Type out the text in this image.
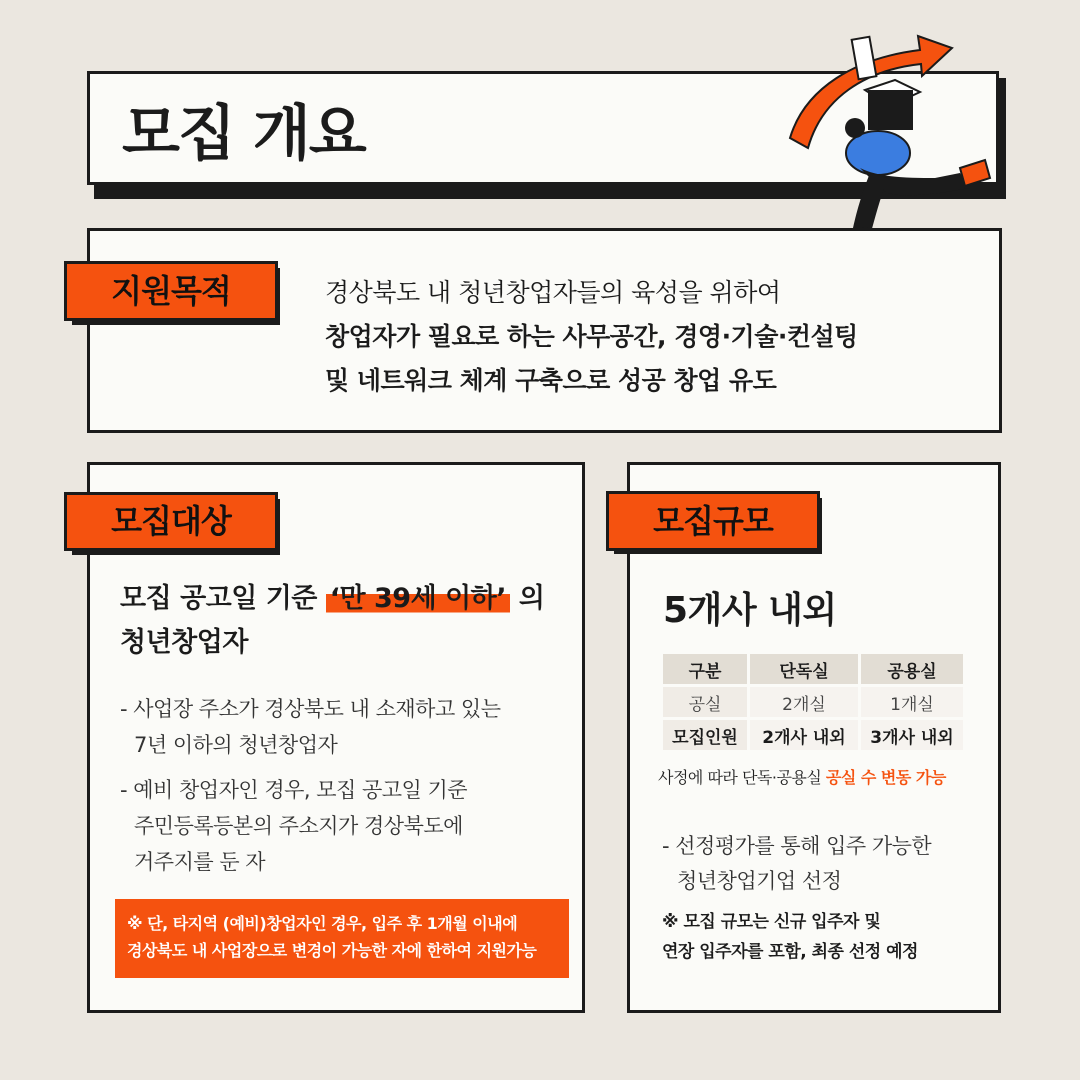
모집 개요
지원목적	경상북도 내 청년창업자들의 육성을 위하여
창업자가 필요로 하는 사무공간, 경영·기술·컨설팅
및 네트워크 체계 구축으로 성공 창업 유도
모집대상
모집 공고일 기준 ‘만 39세 이하’ 의
청년창업자
- 사업장 주소가 경상북도 내 소재하고 있는
7년 이하의 청년창업자
- 예비 창업자인 경우, 모집 공고일 기준
주민등록등본의 주소지가 경상북도에
거주지를 둔 자
※ 단, 타지역 (예비)창업자인 경우, 입주 후 1개월 이내에
경상북도 내 사업장으로 변경이 가능한 자에 한하여 지원가능
모집규모
5개사 내외
구분	단독실	공용실
공실	2개실	1개실
모집인원	2개사 내외	3개사 내외
사정에 따라 단독·공용실 공실 수 변동 가능
- 선정평가를 통해 입주 가능한
청년창업기업 선정
※ 모집 규모는 신규 입주자 및
연장 입주자를 포함, 최종 선정 예정
